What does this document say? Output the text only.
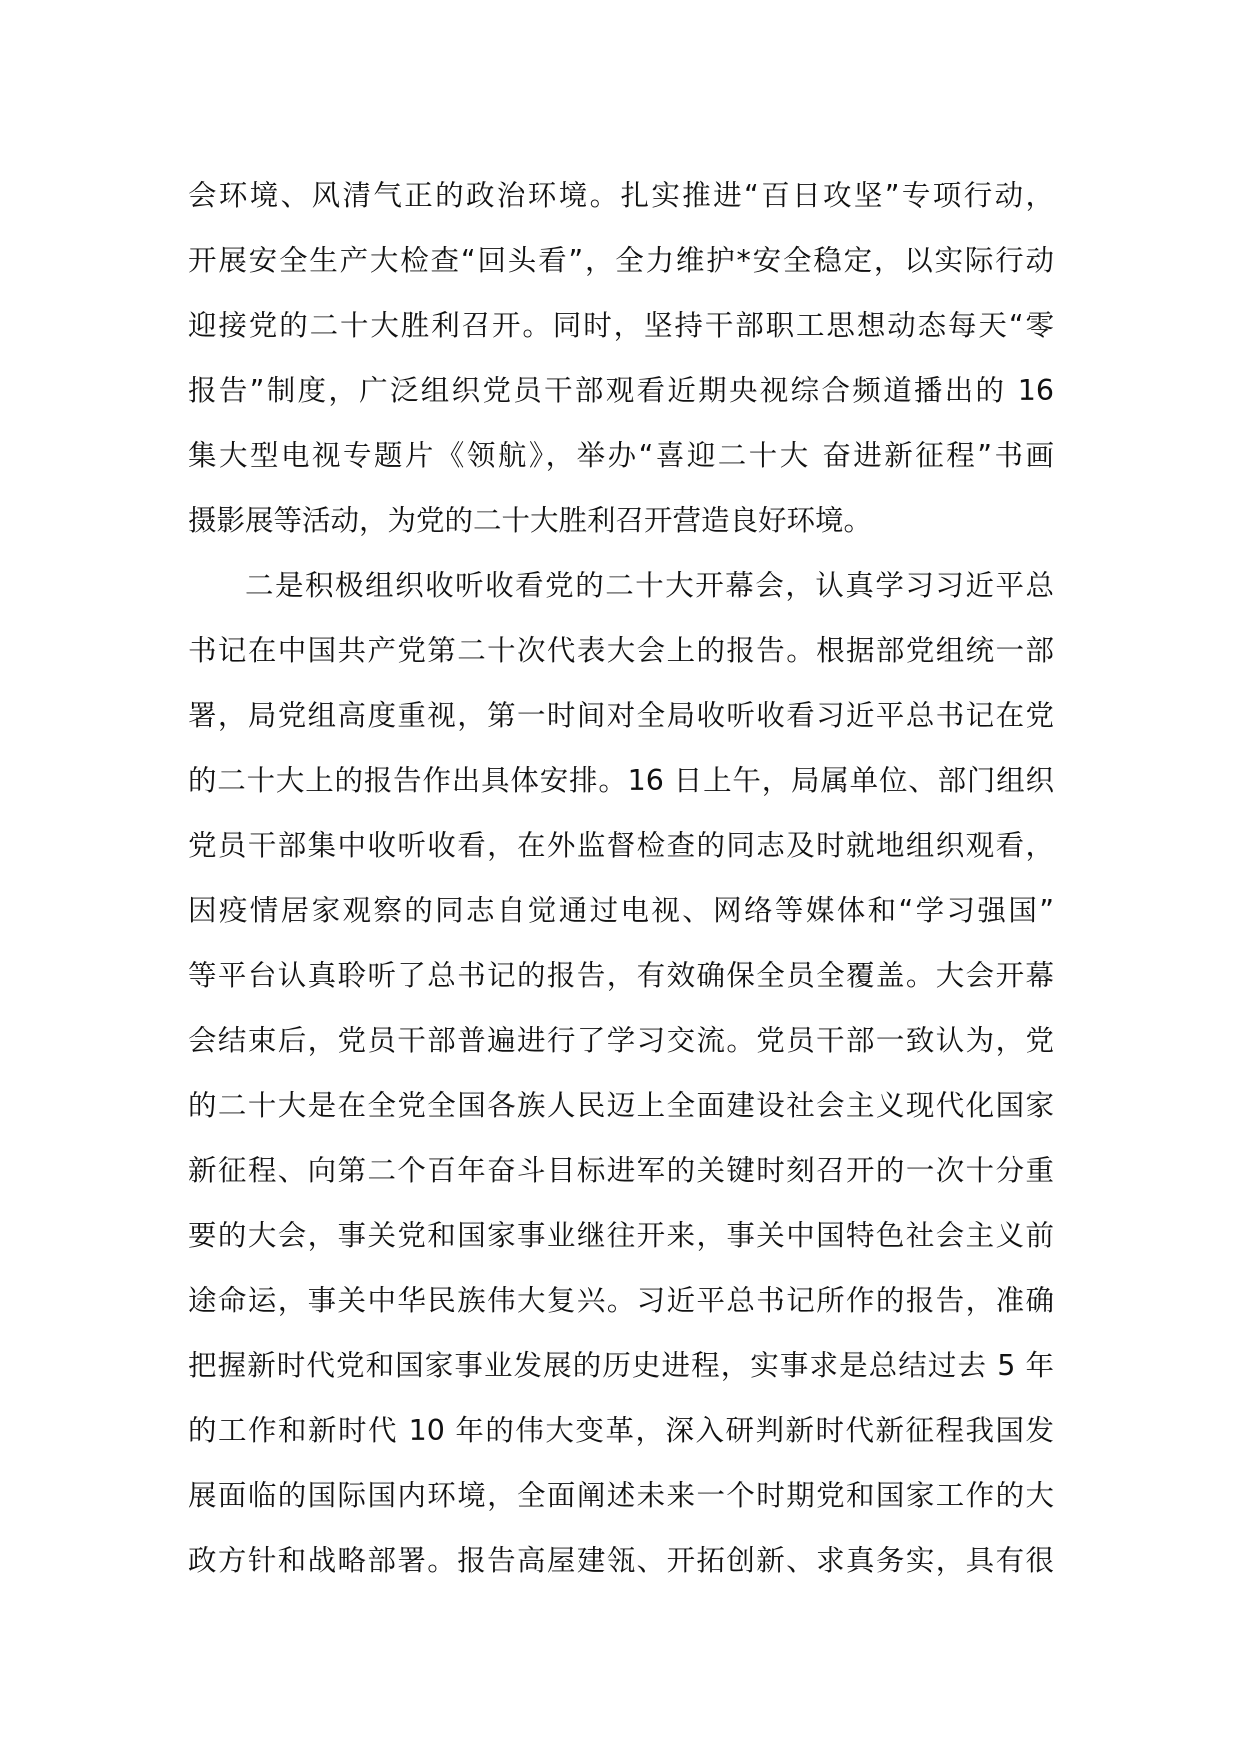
会环境、风清气正的政治环境。扎实推进“百日攻坚”专项行动，
开展安全生产大检查“回头看”，全力维护*安全稳定，以实际行动
迎接党的二十大胜利召开。同时，坚持干部职工思想动态每天“零
报告”制度，广泛组织党员干部观看近期央视综合频道播出的 16
集大型电视专题片《领航》，举办“喜迎二十大 奋进新征程”书画
摄影展等活动，为党的二十大胜利召开营造良好环境。
二是积极组织收听收看党的二十大开幕会，认真学习习近平总
书记在中国共产党第二十次代表大会上的报告。根据部党组统一部
署，局党组高度重视，第一时间对全局收听收看习近平总书记在党
的二十大上的报告作出具体安排。16 日上午，局属单位、部门组织
党员干部集中收听收看，在外监督检查的同志及时就地组织观看，
因疫情居家观察的同志自觉通过电视、网络等媒体和“学习强国”
等平台认真聆听了总书记的报告，有效确保全员全覆盖。大会开幕
会结束后，党员干部普遍进行了学习交流。党员干部一致认为，党
的二十大是在全党全国各族人民迈上全面建设社会主义现代化国家
新征程、向第二个百年奋斗目标进军的关键时刻召开的一次十分重
要的大会，事关党和国家事业继往开来，事关中国特色社会主义前
途命运，事关中华民族伟大复兴。习近平总书记所作的报告，准确
把握新时代党和国家事业发展的历史进程，实事求是总结过去 5 年
的工作和新时代 10 年的伟大变革，深入研判新时代新征程我国发
展面临的国际国内环境，全面阐述未来一个时期党和国家工作的大
政方针和战略部署。报告高屋建瓴、开拓创新、求真务实，具有很
